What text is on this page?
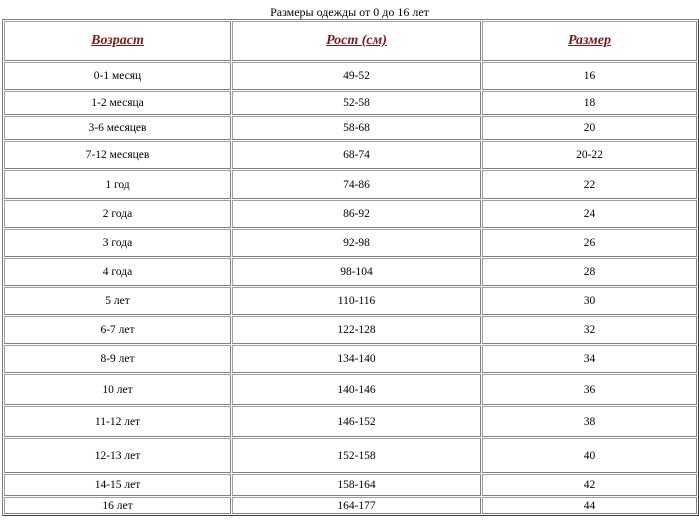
Размеры одежды от 0 до 16 лет
Возраст	Рост (см)	Размер
0-1 месяц	49-52	16
1-2 месяца	52-58	18
3-6 месяцев	58-68	20
7-12 месяцев	68-74	20-22
1 год	74-86	22
2 года	86-92	24
3 года	92-98	26
4 года	98-104	28
5 лет	110-116	30
6-7 лет	122-128	32
8-9 лет	134-140	34
10 лет	140-146	36
11-12 лет	146-152	38
12-13 лет	152-158	40
14-15 лет	158-164	42
16 лет	164-177	44
